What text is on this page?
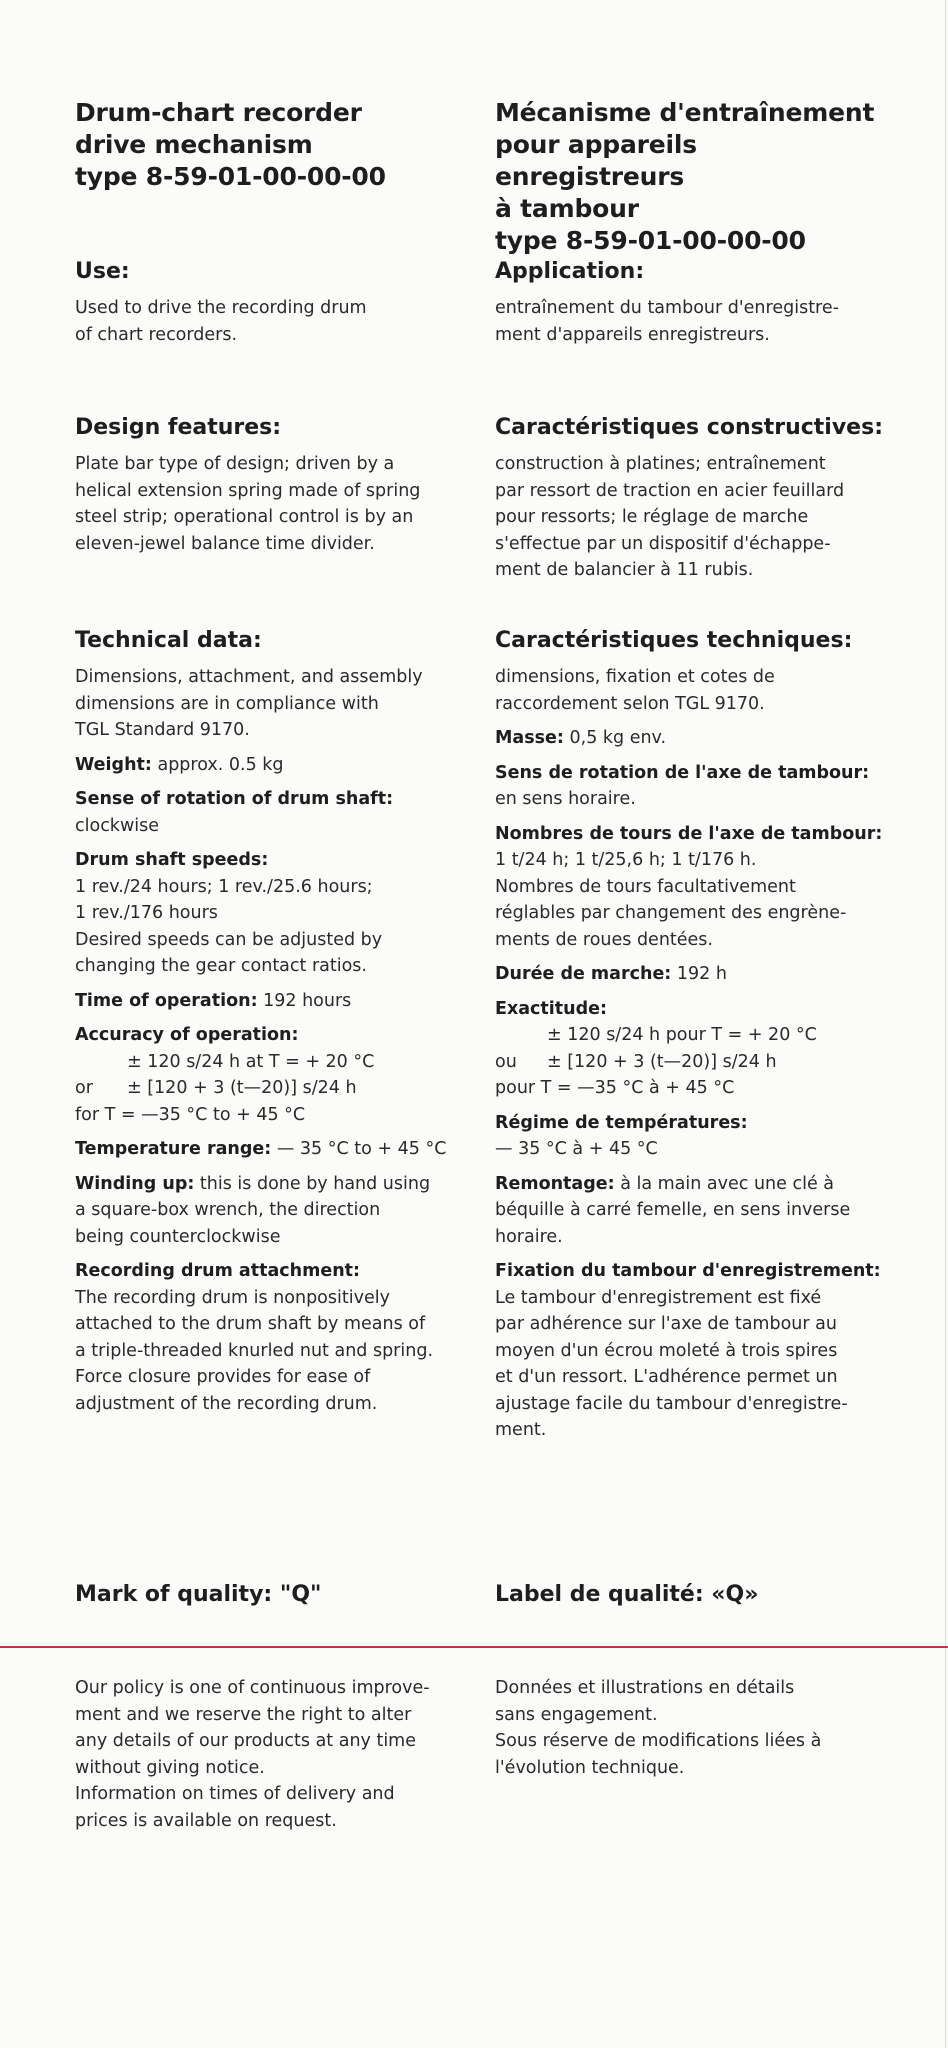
Drum-chart recorder
drive mechanism
type 8-59-01-00-00-00
Use:

Used to drive the recording drum

of chart recorders.

Design features:

Plate bar type of design; driven by a

helical extension spring made of spring

steel strip; operational control is by an

eleven-jewel balance time divider.

Technical data:

Dimensions, attachment, and assembly

dimensions are in compliance with

TGL Standard 9170.

Weight: approx. 0.5 kg

Sense of rotation of drum shaft:

clockwise

Drum shaft speeds:

1 rev./24 hours; 1 rev./25.6 hours;

1 rev./176 hours

Desired speeds can be adjusted by

changing the gear contact ratios.

Time of operation: 192 hours

Accuracy of operation:

± 120 s/24 h at T = + 20 °C

or	± [120 + 3 (t—20)] s/24 h

for T = —35 °C to + 45 °C

Temperature range: — 35 °C to + 45 °C

Winding up: this is done by hand using

a square-box wrench, the direction

being counterclockwise

Recording drum attachment:

The recording drum is nonpositively

attached to the drum shaft by means of

a triple-threaded knurled nut and spring.

Force closure provides for ease of

adjustment of the recording drum.

Mark of quality: "Q"

Our policy is one of continuous improve-

ment and we reserve the right to alter

any details of our products at any time

without giving notice.

Information on times of delivery and

prices is available on request.

Mécanisme d'entraînement
pour appareils enregistreurs
à tambour
type 8-59-01-00-00-00
Application:

entraînement du tambour d'enregistre-

ment d'appareils enregistreurs.

Caractéristiques constructives:

construction à platines; entraînement

par ressort de traction en acier feuillard

pour ressorts; le réglage de marche

s'effectue par un dispositif d'échappe-

ment de balancier à 11 rubis.

Caractéristiques techniques:

dimensions, fixation et cotes de

raccordement selon TGL 9170.

Masse: 0,5 kg env.

Sens de rotation de l'axe de tambour:

en sens horaire.

Nombres de tours de l'axe de tambour:

1 t/24 h; 1 t/25,6 h; 1 t/176 h.

Nombres de tours facultativement

réglables par changement des engrène-

ments de roues dentées.

Durée de marche: 192 h

Exactitude:

± 120 s/24 h pour T = + 20 °C

ou	± [120 + 3 (t—20)] s/24 h

pour T = —35 °C à + 45 °C

Régime de températures:

— 35 °C à + 45 °C

Remontage: à la main avec une clé à

béquille à carré femelle, en sens inverse

horaire.

Fixation du tambour d'enregistrement:

Le tambour d'enregistrement est fixé

par adhérence sur l'axe de tambour au

moyen d'un écrou moleté à trois spires

et d'un ressort. L'adhérence permet un

ajustage facile du tambour d'enregistre-

ment.

Label de qualité: «Q»

Données et illustrations en détails

sans engagement.

Sous réserve de modifications liées à

l'évolution technique.
